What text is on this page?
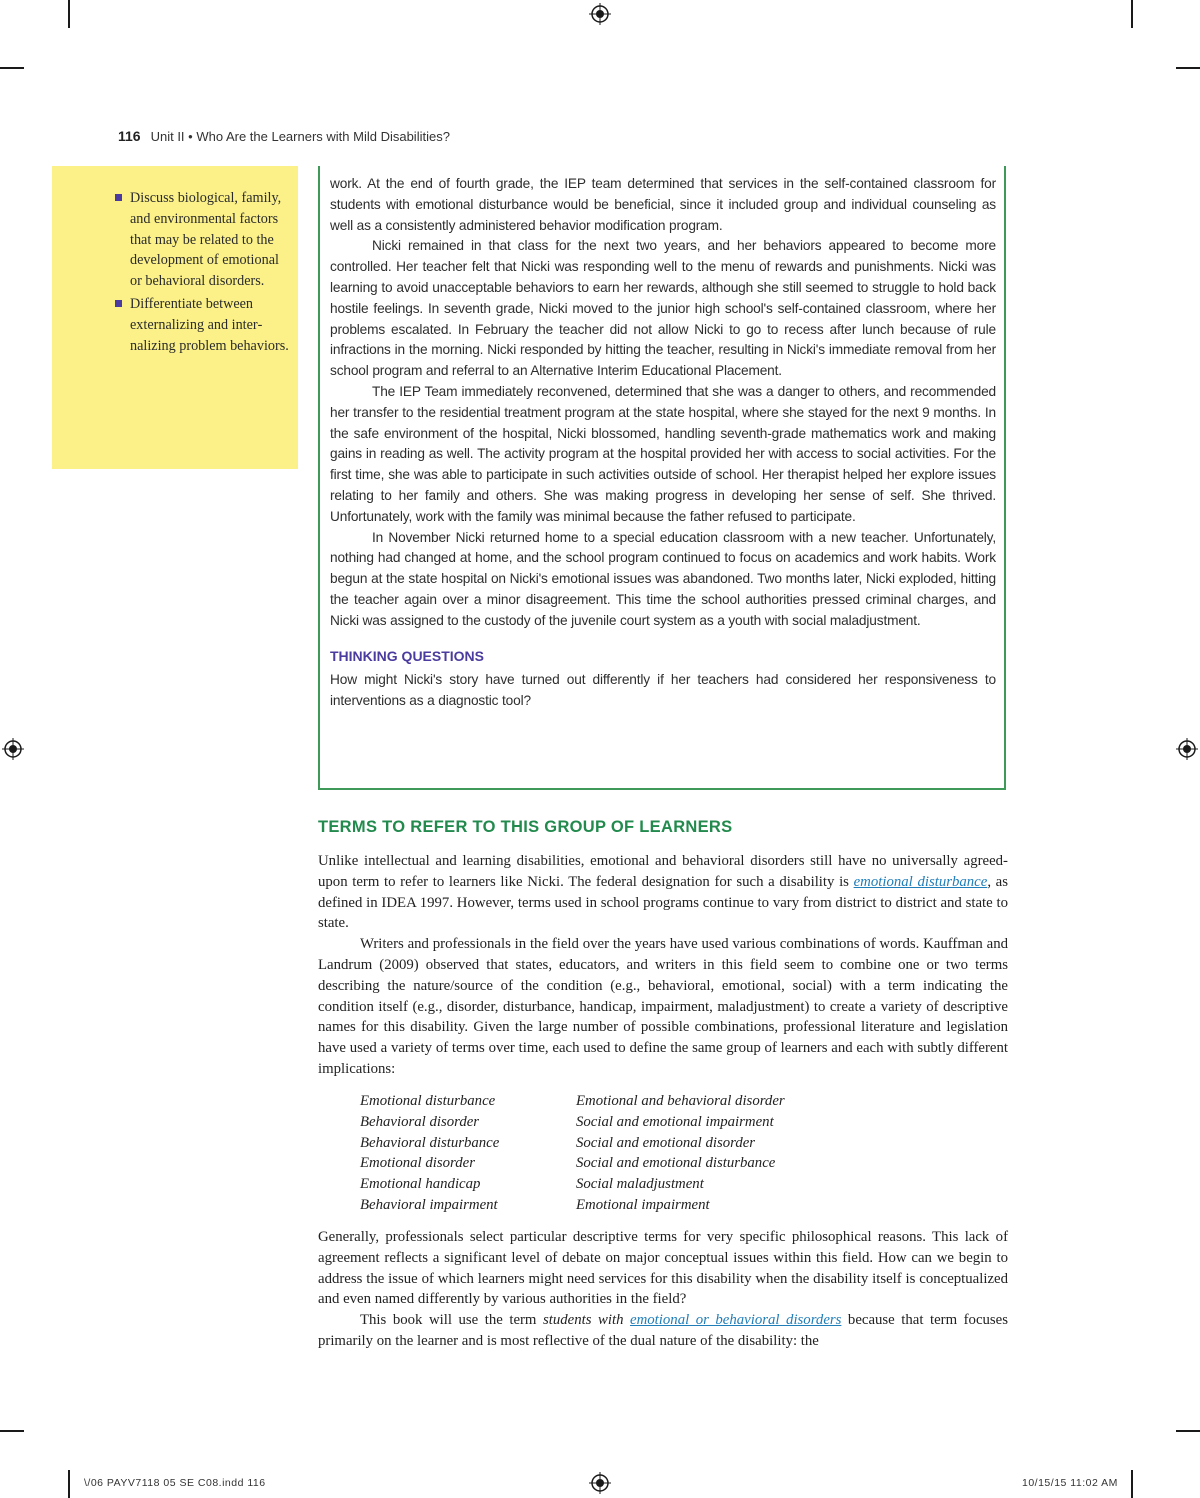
116 Unit II • Who Are the Learners with Mild Disabilities?
Discuss biological, family, and environmental factors that may be related to the development of emotional or behavioral disorders.
Differentiate between externalizing and internalizing problem behaviors.

work. At the end of fourth grade, the IEP team determined that services in the self-contained classroom for students with emotional disturbance would be beneficial, since it included group and individual counseling as well as a consistently administered behavior modification program.

Nicki remained in that class for the next two years, and her behaviors appeared to become more controlled. Her teacher felt that Nicki was responding well to the menu of rewards and punishments. Nicki was learning to avoid unacceptable behaviors to earn her rewards, although she still seemed to struggle to hold back hostile feelings. In seventh grade, Nicki moved to the junior high school's self-contained classroom, where her problems escalated. In February the teacher did not allow Nicki to go to recess after lunch because of rule infractions in the morning. Nicki responded by hitting the teacher, resulting in Nicki's immediate removal from her school program and referral to an Alternative Interim Educational Placement.

The IEP Team immediately reconvened, determined that she was a danger to others, and recommended her transfer to the residential treatment program at the state hospital, where she stayed for the next 9 months. In the safe environment of the hospital, Nicki blossomed, handling seventh-grade mathematics work and making gains in reading as well. The activity program at the hospital provided her with access to social activities. For the first time, she was able to participate in such activities outside of school. Her therapist helped her explore issues relating to her family and others. She was making progress in developing her sense of self. She thrived. Unfortunately, work with the family was minimal because the father refused to participate.

In November Nicki returned home to a special education classroom with a new teacher. Unfortunately, nothing had changed at home, and the school program continued to focus on academics and work habits. Work begun at the state hospital on Nicki's emotional issues was abandoned. Two months later, Nicki exploded, hitting the teacher again over a minor disagreement. This time the school authorities pressed criminal charges, and Nicki was assigned to the custody of the juvenile court system as a youth with social maladjustment.

THINKING QUESTIONS

How might Nicki's story have turned out differently if her teachers had considered her responsiveness to interventions as a diagnostic tool?

TERMS TO REFER TO THIS GROUP OF LEARNERS

Unlike intellectual and learning disabilities, emotional and behavioral disorders still have no universally agreed-upon term to refer to learners like Nicki. The federal designation for such a disability is emotional disturbance, as defined in IDEA 1997. However, terms used in school programs continue to vary from district to district and state to state.

Writers and professionals in the field over the years have used various combinations of words. Kauffman and Landrum (2009) observed that states, educators, and writers in this field seem to combine one or two terms describing the nature/source of the condition (e.g., behavioral, emotional, social) with a term indicating the condition itself (e.g., disorder, disturbance, handicap, impairment, maladjustment) to create a variety of descriptive names for this disability. Given the large number of possible combinations, professional literature and legislation have used a variety of terms over time, each used to define the same group of learners and each with subtly different implications:

Emotional disturbance	Emotional and behavioral disorder
Behavioral disorder	Social and emotional impairment
Behavioral disturbance	Social and emotional disorder
Emotional disorder	Social and emotional disturbance
Emotional handicap	Social maladjustment
Behavioral impairment	Emotional impairment

Generally, professionals select particular descriptive terms for very specific philosophical reasons. This lack of agreement reflects a significant level of debate on major conceptual issues within this field. How can we begin to address the issue of which learners might need services for this disability when the disability itself is conceptualized and even named differently by various authorities in the field?

This book will use the term students with emotional or behavioral disorders because that term focuses primarily on the learner and is most reflective of the dual nature of the disability: the

\/06 PAYV7118 05 SE C08.indd 116	10/15/15 11:02 AM
